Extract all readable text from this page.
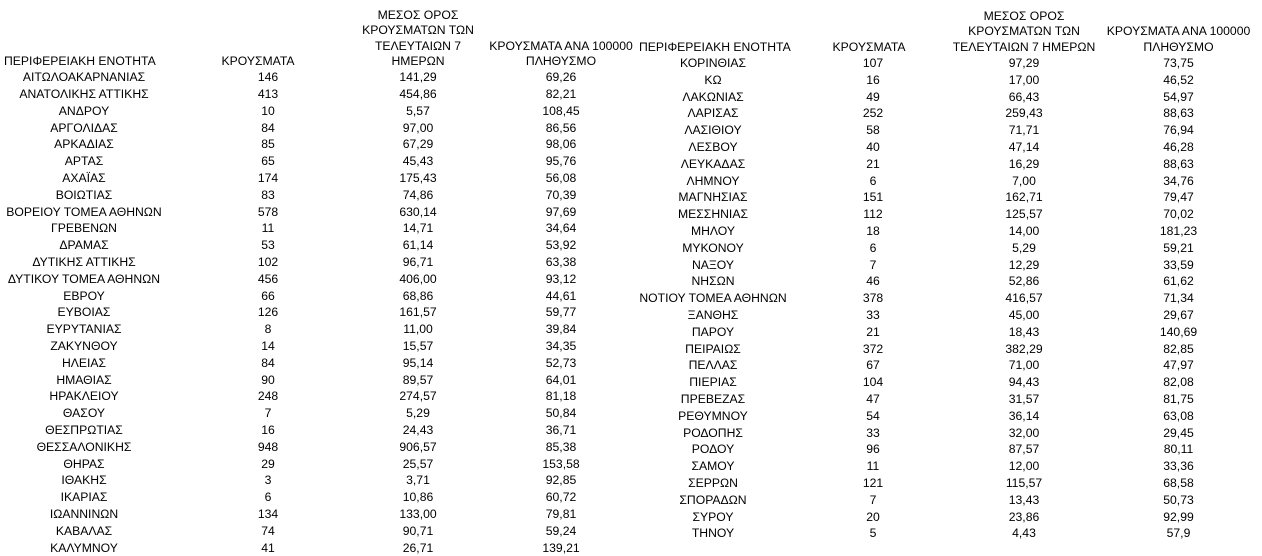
ΠΕΡΙΦΕΡΕΙΑΚΗ ΕΝΟΤΗΤΑ	ΚΡΟΥΣΜΑΤΑ	ΜΕΣΟΣ ΟΡΟΣ ΚΡΟΥΣΜΑΤΩΝ ΤΩΝ ΤΕΛΕΥΤΑΙΩΝ 7 ΗΜΕΡΩΝ	ΚΡΟΥΣΜΑΤΑ ΑΝΑ 100000 ΠΛΗΘΥΣΜΟ
ΑΙΤΩΛΟΑΚΑΡΝΑΝΙΑΣ	146	141,29	69,26
ΑΝΑΤΟΛΙΚΗΣ ΑΤΤΙΚΗΣ	413	454,86	82,21
ΑΝΔΡΟΥ	10	5,57	108,45
ΑΡΓΟΛΙΔΑΣ	84	97,00	86,56
ΑΡΚΑΔΙΑΣ	85	67,29	98,06
ΑΡΤΑΣ	65	45,43	95,76
ΑΧΑΪΑΣ	174	175,43	56,08
ΒΟΙΩΤΙΑΣ	83	74,86	70,39
ΒΟΡΕΙΟΥ ΤΟΜΕΑ ΑΘΗΝΩΝ	578	630,14	97,69
ΓΡΕΒΕΝΩΝ	11	14,71	34,64
ΔΡΑΜΑΣ	53	61,14	53,92
ΔΥΤΙΚΗΣ ΑΤΤΙΚΗΣ	102	96,71	63,38
ΔΥΤΙΚΟΥ ΤΟΜΕΑ ΑΘΗΝΩΝ	456	406,00	93,12
ΕΒΡΟΥ	66	68,86	44,61
ΕΥΒΟΙΑΣ	126	161,57	59,77
ΕΥΡΥΤΑΝΙΑΣ	8	11,00	39,84
ΖΑΚΥΝΘΟΥ	14	15,57	34,35
ΗΛΕΙΑΣ	84	95,14	52,73
ΗΜΑΘΙΑΣ	90	89,57	64,01
ΗΡΑΚΛΕΙΟΥ	248	274,57	81,18
ΘΑΣΟΥ	7	5,29	50,84
ΘΕΣΠΡΩΤΙΑΣ	16	24,43	36,71
ΘΕΣΣΑΛΟΝΙΚΗΣ	948	906,57	85,38
ΘΗΡΑΣ	29	25,57	153,58
ΙΘΑΚΗΣ	3	3,71	92,85
ΙΚΑΡΙΑΣ	6	10,86	60,72
ΙΩΑΝΝΙΝΩΝ	134	133,00	79,81
ΚΑΒΑΛΑΣ	74	90,71	59,24
ΚΑΛΥΜΝΟΥ	41	26,71	139,21
ΠΕΡΙΦΕΡΕΙΑΚΗ ΕΝΟΤΗΤΑ	ΚΡΟΥΣΜΑΤΑ	ΜΕΣΟΣ ΟΡΟΣ ΚΡΟΥΣΜΑΤΩΝ ΤΩΝ ΤΕΛΕΥΤΑΙΩΝ 7 ΗΜΕΡΩΝ	ΚΡΟΥΣΜΑΤΑ ΑΝΑ 100000 ΠΛΗΘΥΣΜΟ
ΚΟΡΙΝΘΙΑΣ	107	97,29	73,75
ΚΩ	16	17,00	46,52
ΛΑΚΩΝΙΑΣ	49	66,43	54,97
ΛΑΡΙΣΑΣ	252	259,43	88,63
ΛΑΣΙΘΙΟΥ	58	71,71	76,94
ΛΕΣΒΟΥ	40	47,14	46,28
ΛΕΥΚΑΔΑΣ	21	16,29	88,63
ΛΗΜΝΟΥ	6	7,00	34,76
ΜΑΓΝΗΣΙΑΣ	151	162,71	79,47
ΜΕΣΣΗΝΙΑΣ	112	125,57	70,02
ΜΗΛΟΥ	18	14,00	181,23
ΜΥΚΟΝΟΥ	6	5,29	59,21
ΝΑΞΟΥ	7	12,29	33,59
ΝΗΣΩΝ	46	52,86	61,62
ΝΟΤΙΟΥ ΤΟΜΕΑ ΑΘΗΝΩΝ	378	416,57	71,34
ΞΑΝΘΗΣ	33	45,00	29,67
ΠΑΡΟΥ	21	18,43	140,69
ΠΕΙΡΑΙΩΣ	372	382,29	82,85
ΠΕΛΛΑΣ	67	71,00	47,97
ΠΙΕΡΙΑΣ	104	94,43	82,08
ΠΡΕΒΕΖΑΣ	47	31,57	81,75
ΡΕΘΥΜΝΟΥ	54	36,14	63,08
ΡΟΔΟΠΗΣ	33	32,00	29,45
ΡΟΔΟΥ	96	87,57	80,11
ΣΑΜΟΥ	11	12,00	33,36
ΣΕΡΡΩΝ	121	115,57	68,58
ΣΠΟΡΑΔΩΝ	7	13,43	50,73
ΣΥΡΟΥ	20	23,86	92,99
ΤΗΝΟΥ	5	4,43	57,9
